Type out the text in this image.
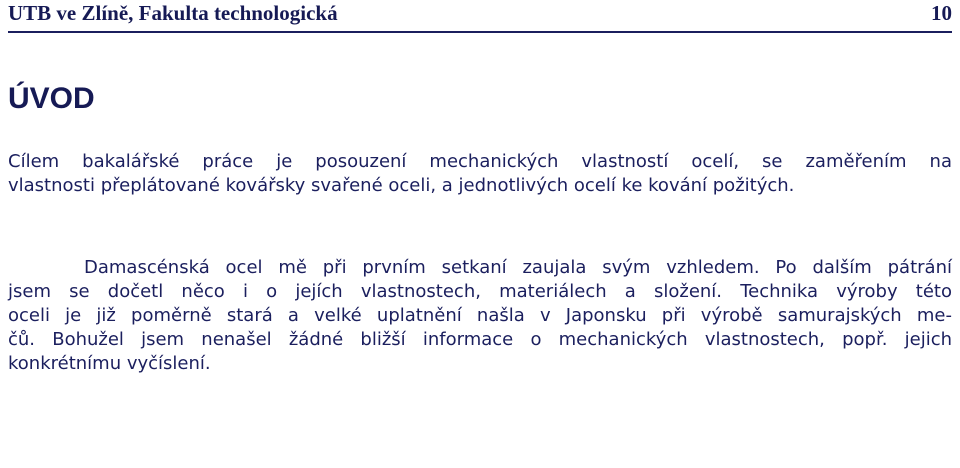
UTB ve Zlíně, Fakulta technologická	10
ÚVOD

Cílem bakalářské práce je posouzení mechanických vlastností ocelí, se zaměřením na
vlastnosti přeplátované kovářsky svařené oceli, a jednotlivých ocelí ke kování požitých.

Damascénská ocel mě při prvním setkaní zaujala svým vzhledem. Po dalším pátrání
jsem se dočetl něco i o jejích vlastnostech, materiálech a složení. Technika výroby této
oceli je již poměrně stará a velké uplatnění našla v Japonsku při výrobě samurajských me-
čů. Bohužel jsem nenašel žádné bližší informace o mechanických vlastnostech, popř. jejich
konkrétnímu vyčíslení.
